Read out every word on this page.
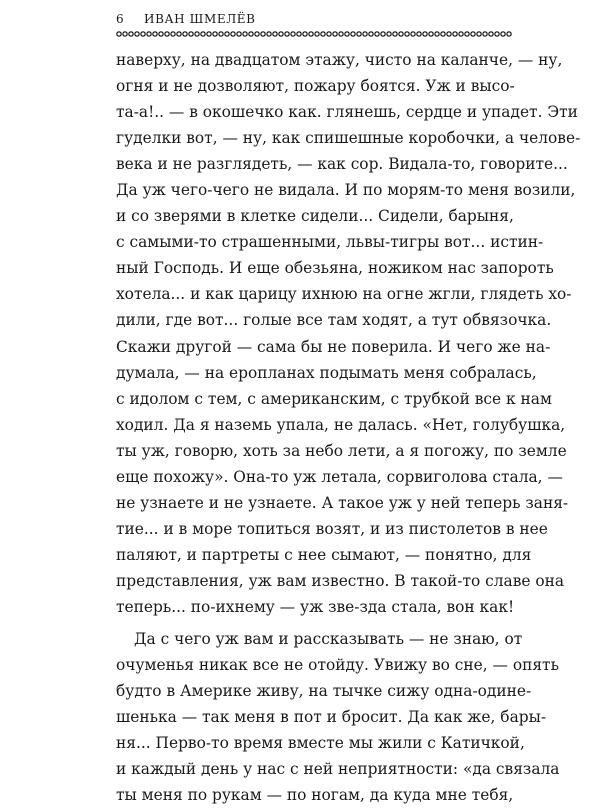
6 ИВАН ШМЕЛЁВ
наверху, на двадцатом этажу, чисто на каланче, — ну,
огня и не дозволяют, пожару боятся. Уж и высо-
та-а!.. — в окошечко как. глянешь, сердце и упадет. Эти
гуделки вот, — ну, как спишешные коробочки, а челове-
века и не разглядеть, — как сор. Видала-то, говорите...
Да уж чего-чего не видала. И по морям-то меня возили,
и со зверями в клетке сидели... Сидели, барыня,
с самыми-то страшенными, львы-тигры вот... истин-
ный Господь. И еще обезьяна, ножиком нас запороть
хотела... и как царицу ихнюю на огне жгли, глядеть хо-
дили, где вот... голые все там ходят, а тут обвязочка.
Скажи другой — сама бы не поверила. И чего же на-
думала, — на еропланах подымать меня собралась,
с идолом с тем, с американским, с трубкой все к нам
ходил. Да я наземь упала, не далась. «Нет, голубушка,
ты уж, говорю, хоть за небо лети, а я погожу, по земле
еще похожу». Она-то уж летала, сорвиголова стала, —
не узнаете и не узнаете. А такое уж у ней теперь заня-
тие... и в море топиться возят, и из пистолетов в нее
паляют, и партреты с нее сымают, — понятно, для
представления, уж вам известно. В такой-то славе она
теперь... по-ихнему — уж зве-зда стала, вон как!
Да с чего уж вам и рассказывать — не знаю, от
очуменья никак все не отойду. Увижу во сне, — опять
будто в Америке живу, на тычке сижу одна-одине-
шенька — так меня в пот и бросит. Да как же, бары-
ня... Перво-то время вместе мы жили с Катичкой,
и каждый день у нас с ней неприятности: «да связала
ты меня по рукам — по ногам, да куда мне тебя,
